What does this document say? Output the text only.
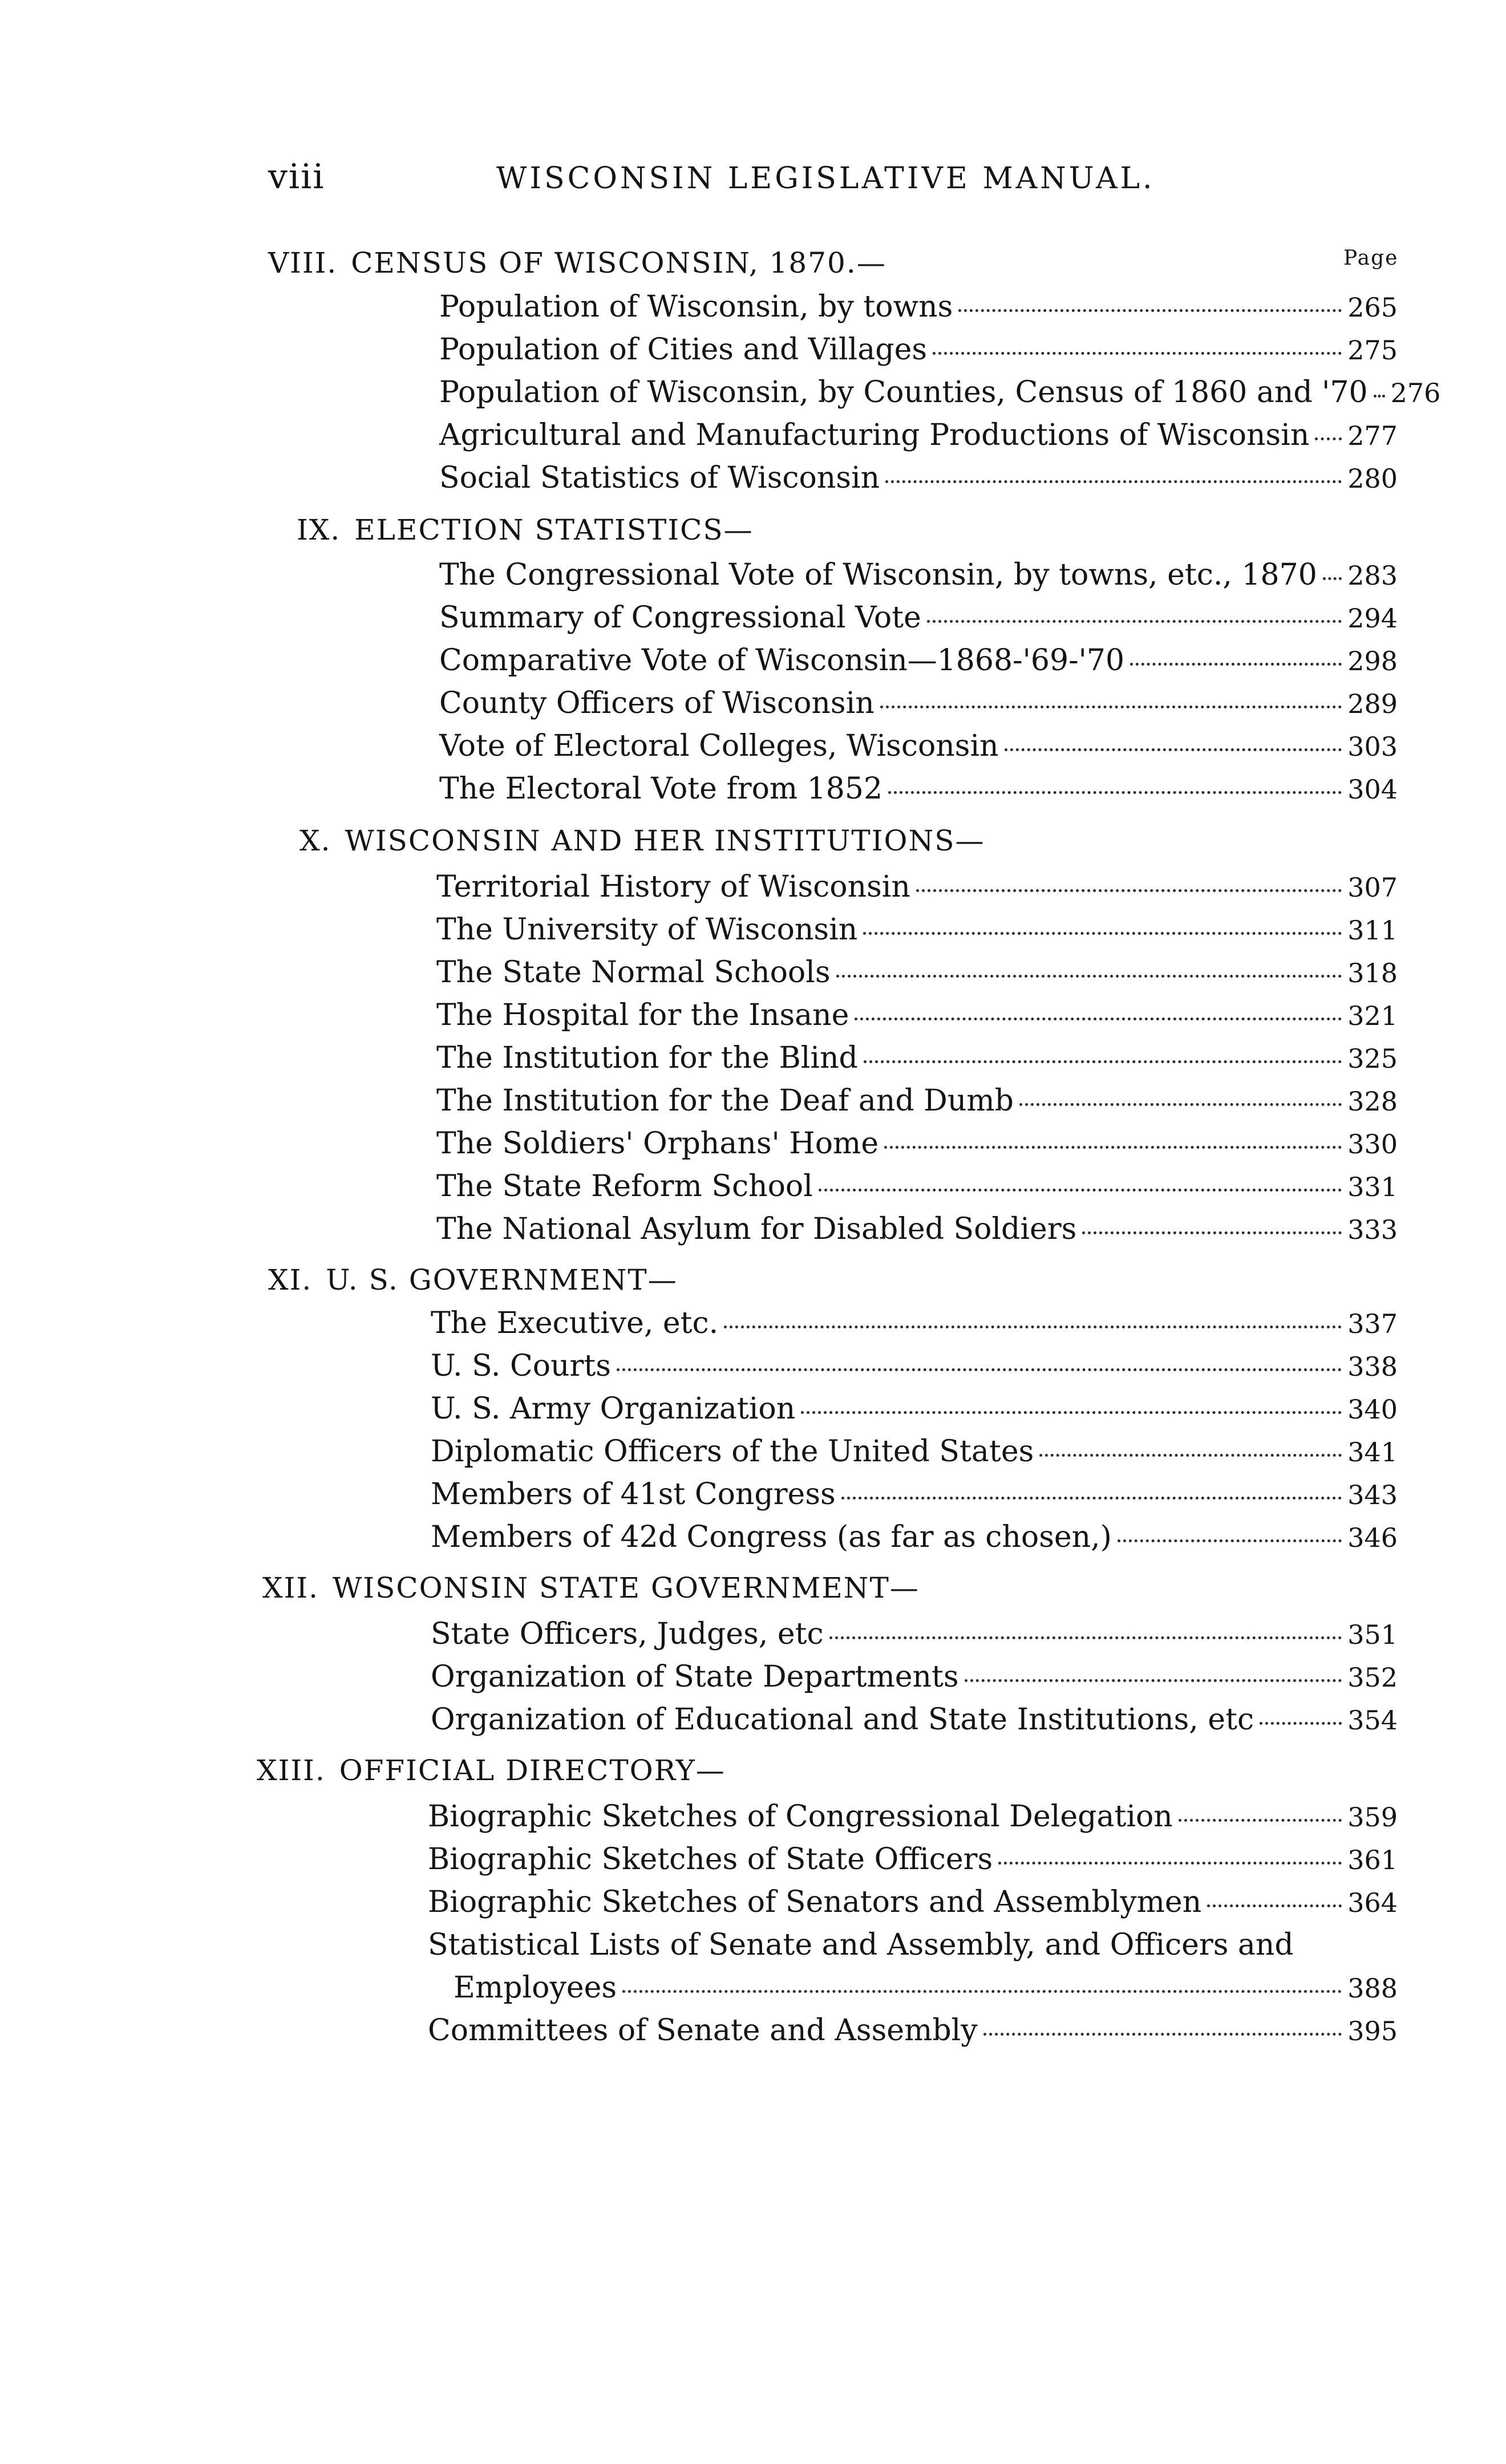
viii	WISCONSIN LEGISLATIVE MANUAL.
Page
VIII. CENSUS OF WISCONSIN, 1870.—
Population of Wisconsin, by towns	265
Population of Cities and Villages	275
Population of Wisconsin, by Counties, Census of 1860 and '70 276
Agricultural and Manufacturing Productions of Wisconsin 277
Social Statistics of Wisconsin	280
IX. ELECTION STATISTICS—
The Congressional Vote of Wisconsin, by towns, etc., 1870 283
Summary of Congressional Vote	294
Comparative Vote of Wisconsin—1868-'69-'70	298
County Officers of Wisconsin	289
Vote of Electoral Colleges, Wisconsin	303
The Electoral Vote from 1852	304
X. WISCONSIN AND HER INSTITUTIONS—
Territorial History of Wisconsin	307
The University of Wisconsin	311
The State Normal Schools	318
The Hospital for the Insane	321
The Institution for the Blind	325
The Institution for the Deaf and Dumb	328
The Soldiers' Orphans' Home	330
The State Reform School	331
The National Asylum for Disabled Soldiers	333
XI. U. S. GOVERNMENT—
The Executive, etc.	337
U. S. Courts	338
U. S. Army Organization	340
Diplomatic Officers of the United States	341
Members of 41st Congress	343
Members of 42d Congress (as far as chosen,)	346
XII. WISCONSIN STATE GOVERNMENT—
State Officers, Judges, etc	351
Organization of State Departments	352
Organization of Educational and State Institutions, etc	354
XIII. OFFICIAL DIRECTORY—
Biographic Sketches of Congressional Delegation	359
Biographic Sketches of State Officers	361
Biographic Sketches of Senators and Assemblymen	364
Statistical Lists of Senate and Assembly, and Officers and
Employees	388
Committees of Senate and Assembly	395
